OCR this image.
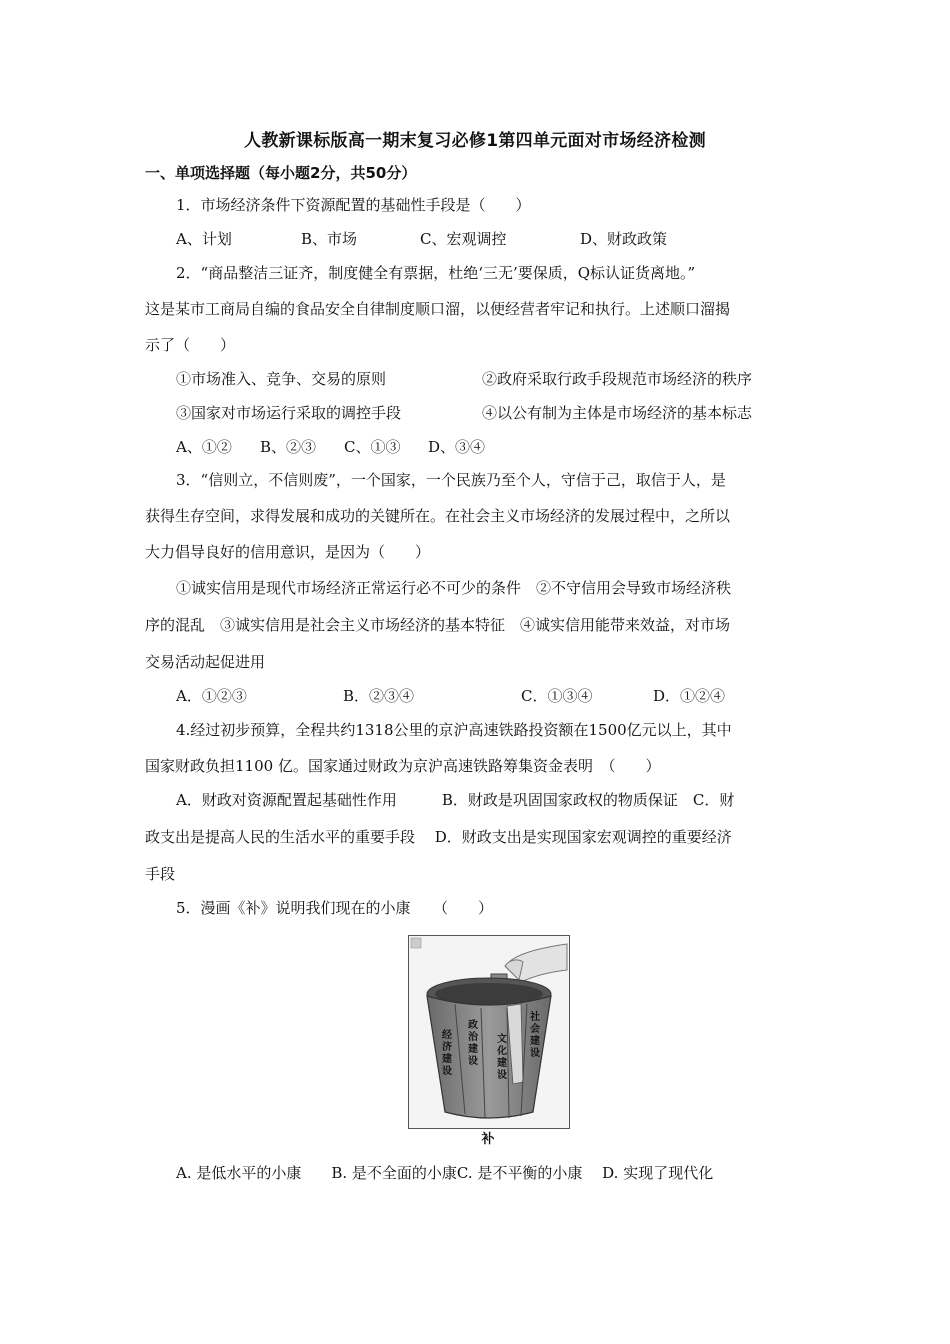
人教新课标版高一期末复习必修1第四单元面对市场经济检测
一、单项选择题（每小题2分，共50分）
1．市场经济条件下资源配置的基础性手段是（　　）
A、计划	B、市场	C、宏观调控	D、财政政策
2．“商品整洁三证齐，制度健全有票据，杜绝‘三无’要保质，Q标认证货离地。”
这是某市工商局自编的食品安全自律制度顺口溜，以便经营者牢记和执行。上述顺口溜揭
示了（　　）
①市场准入、竞争、交易的原则	②政府采取行政手段规范市场经济的秩序
③国家对市场运行采取的调控手段	④以公有制为主体是市场经济的基本标志
A、①② B、②③ C、①③ D、③④
3．“信则立，不信则废”，一个国家，一个民族乃至个人，守信于己，取信于人，是
获得生存空间，求得发展和成功的关键所在。在社会主义市场经济的发展过程中，之所以
大力倡导良好的信用意识，是因为（　　）
①诚实信用是现代市场经济正常运行必不可少的条件　②不守信用会导致市场经济秩
序的混乱　③诚实信用是社会主义市场经济的基本特征　④诚实信用能带来效益，对市场
交易活动起促进用
A．①②③	B．②③④	C．①③④	D．①②④
4.经过初步预算，全程共约1318公里的京沪高速铁路投资额在1500亿元以上，其中
国家财政负担1100 亿。国家通过财政为京沪高速铁路筹集资金表明　（　　）
A．财政对资源配置起基础性作用　　　B．财政是巩固国家政权的物质保证　C．财
政支出是提高人民的生活水平的重要手段　 D．财政支出是实现国家宏观调控的重要经济
手段
5．漫画《补》说明我们现在的小康　　（　　）
经济建设
政治建设
文化建设
社会建设
补
A. 是低水平的小康　　B. 是不全面的小康C. 是不平衡的小康　 D. 实现了现代化
